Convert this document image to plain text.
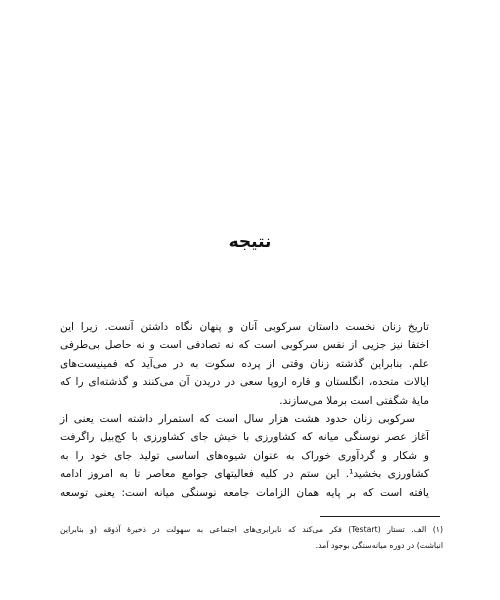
نتیجه

تاریخ زنان نخست داستان سرکوبی آنان و پنهان نگاه داشتن آنست. زیرا این
اختفا نیز جزیی از نفس سرکوبی است که نه تصادفی است و نه حاصل بی‌طرفی
علم. بنابراین گذشته زنان وقتی از پرده سکوت به در می‌آید که فمینیست‌های
ایالات متحده، انگلستان و قاره اروپا سعی در دریدن آن می‌کنند و گذشته‌ای را که
مایهٔ شگفتی است برملا می‌سازند.

سرکوبی زنان حدود هشت هزار سال است که استمرار داشته است یعنی از
آغاز عصر نوسنگی میانه که کشاورزی با خیش جای کشاورزی با کج‌بیل راگرفت
و شکار و گردآوری خوراک به عنوان شیوه‌های اساسی تولید جای خود را به
کشاورزی بخشید¹. این ستم در کلیه فعالیتهای جوامع معاصر تا به امروز ادامه
یافته است که بر پایه همان الزامات جامعه نوسنگی میانه است: یعنی توسعه

(۱) الف. تستار (Testart) فکر می‌کند که نابرابری‌های اجتماعی به سهولت در ذخیرهٔ آذوقه (و بنابراین
انباشت) در دوره میانه‌سنگی بوجود آمد.
